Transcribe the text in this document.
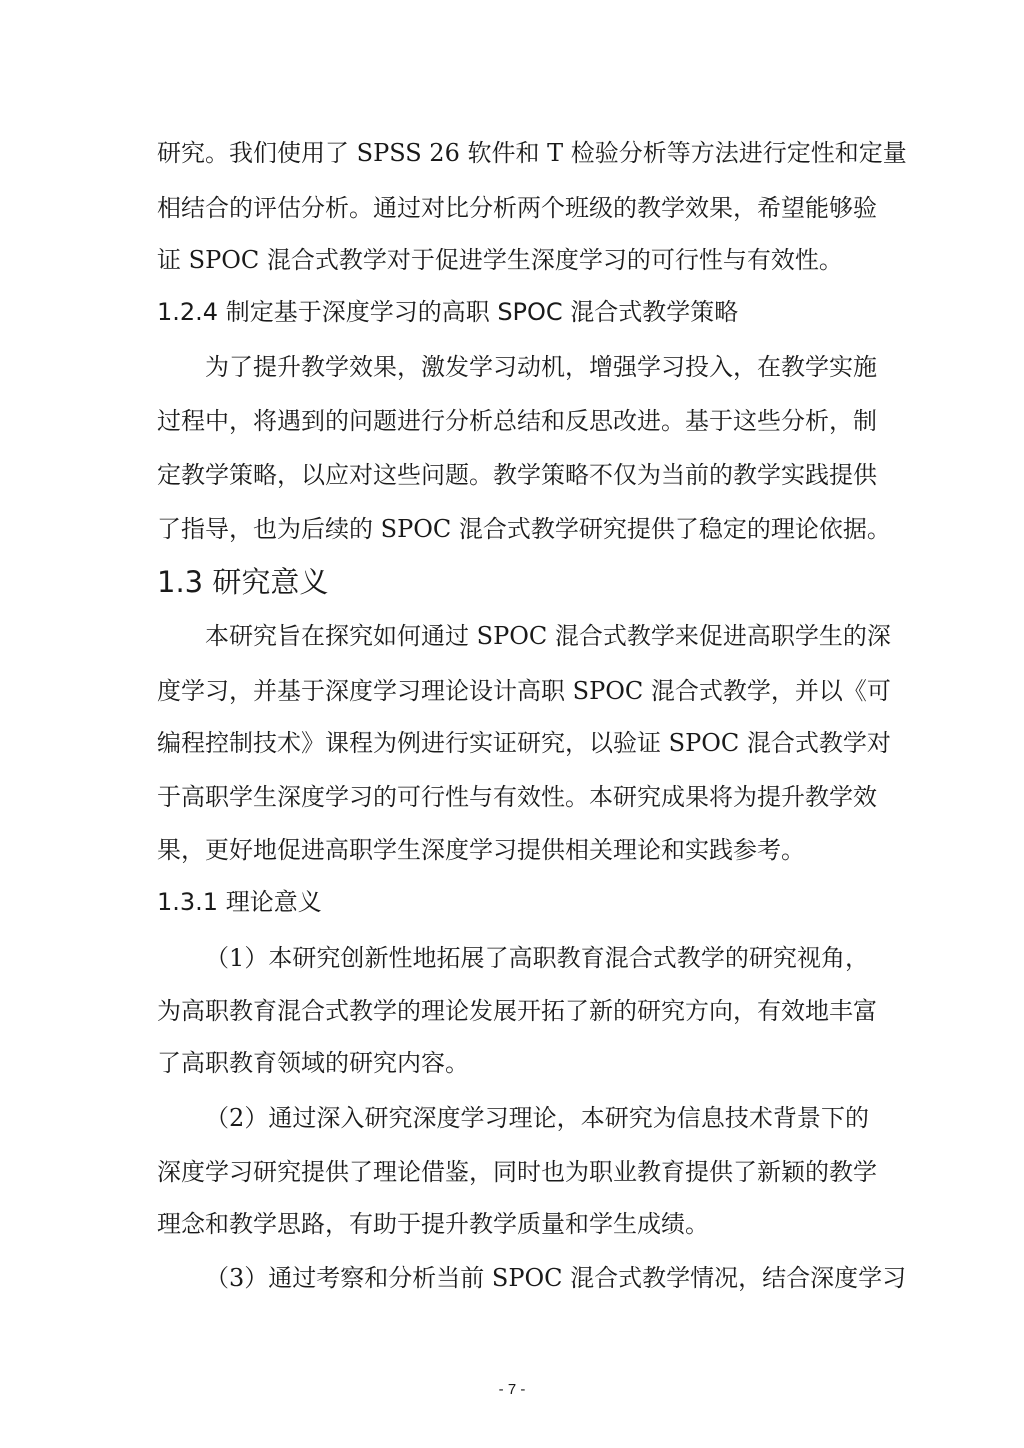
研究。我们使用了 SPSS 26 软件和 T 检验分析等方法进行定性和定量
相结合的评估分析。通过对比分析两个班级的教学效果，希望能够验
证 SPOC 混合式教学对于促进学生深度学习的可行性与有效性。
1.2.4 制定基于深度学习的高职 SPOC 混合式教学策略
为了提升教学效果，激发学习动机，增强学习投入，在教学实施
过程中，将遇到的问题进行分析总结和反思改进。基于这些分析，制
定教学策略，以应对这些问题。教学策略不仅为当前的教学实践提供
了指导，也为后续的 SPOC 混合式教学研究提供了稳定的理论依据。
1.3 研究意义
本研究旨在探究如何通过 SPOC 混合式教学来促进高职学生的深
度学习，并基于深度学习理论设计高职 SPOC 混合式教学，并以《可
编程控制技术》课程为例进行实证研究，以验证 SPOC 混合式教学对
于高职学生深度学习的可行性与有效性。本研究成果将为提升教学效
果，更好地促进高职学生深度学习提供相关理论和实践参考。
1.3.1 理论意义
（1）本研究创新性地拓展了高职教育混合式教学的研究视角，
为高职教育混合式教学的理论发展开拓了新的研究方向，有效地丰富
了高职教育领域的研究内容。
（2）通过深入研究深度学习理论，本研究为信息技术背景下的
深度学习研究提供了理论借鉴，同时也为职业教育提供了新颖的教学
理念和教学思路，有助于提升教学质量和学生成绩。
（3）通过考察和分析当前 SPOC 混合式教学情况，结合深度学习
- 7 -
